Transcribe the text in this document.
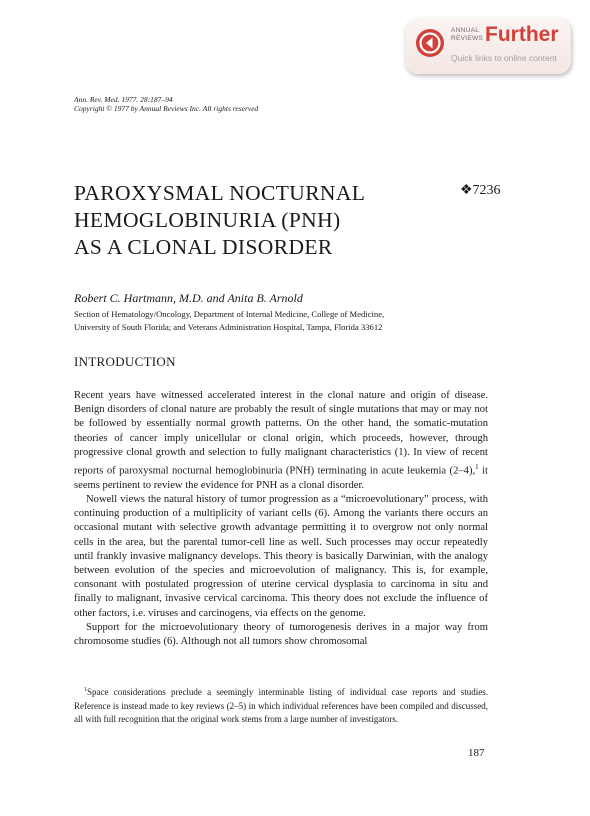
ANNUAL
REVIEWS Further
Quick links to online content
Ann. Rev. Med. 1977. 28:187–94
Copyright © 1977 by Annual Reviews Inc. All rights reserved
PAROXYSMAL NOCTURNAL
HEMOGLOBINURIA (PNH)
AS A CLONAL DISORDER
❖7236
Robert C. Hartmann, M.D. and Anita B. Arnold
Section of Hematology/Oncology, Department of Internal Medicine, College of Medicine,
University of South Florida; and Veterans Administration Hospital, Tampa, Florida 33612
INTRODUCTION

Recent years have witnessed accelerated interest in the clonal nature and origin of disease. Benign disorders of clonal nature are probably the result of single mutations that may or may not be followed by essentially normal growth patterns. On the other hand, the somatic-mutation theories of cancer imply unicellular or clonal origin, which proceeds, however, through progressive clonal growth and selection to fully malignant characteristics (1). In view of recent reports of paroxysmal nocturnal hemoglobinuria (PNH) terminating in acute leukemia (2–4),$^1$ it seems pertinent to review the evidence for PNH as a clonal disorder.

Nowell views the natural history of tumor progression as a “microevolutionary” process, with continuing production of a multiplicity of variant cells (6). Among the variants there occurs an occasional mutant with selective growth advantage permitting it to overgrow not only normal cells in the area, but the parental tumor-cell line as well. Such processes may occur repeatedly until frankly invasive malignancy develops. This theory is basically Darwinian, with the analogy between evolution of the species and microevolution of malignancy. This is, for example, consonant with postulated progression of uterine cervical dysplasia to carcinoma in situ and finally to malignant, invasive cervical carcinoma. This theory does not exclude the influence of other factors, i.e. viruses and carcinogens, via effects on the genome.

Support for the microevolutionary theory of tumorogenesis derives in a major way from chromosome studies (6). Although not all tumors show chromosomal

$^1$Space considerations preclude a seemingly interminable listing of individual case reports and studies. Reference is instead made to key reviews (2–5) in which individual references have been compiled and discussed, all with full recognition that the original work stems from a large number of investigators.

187
